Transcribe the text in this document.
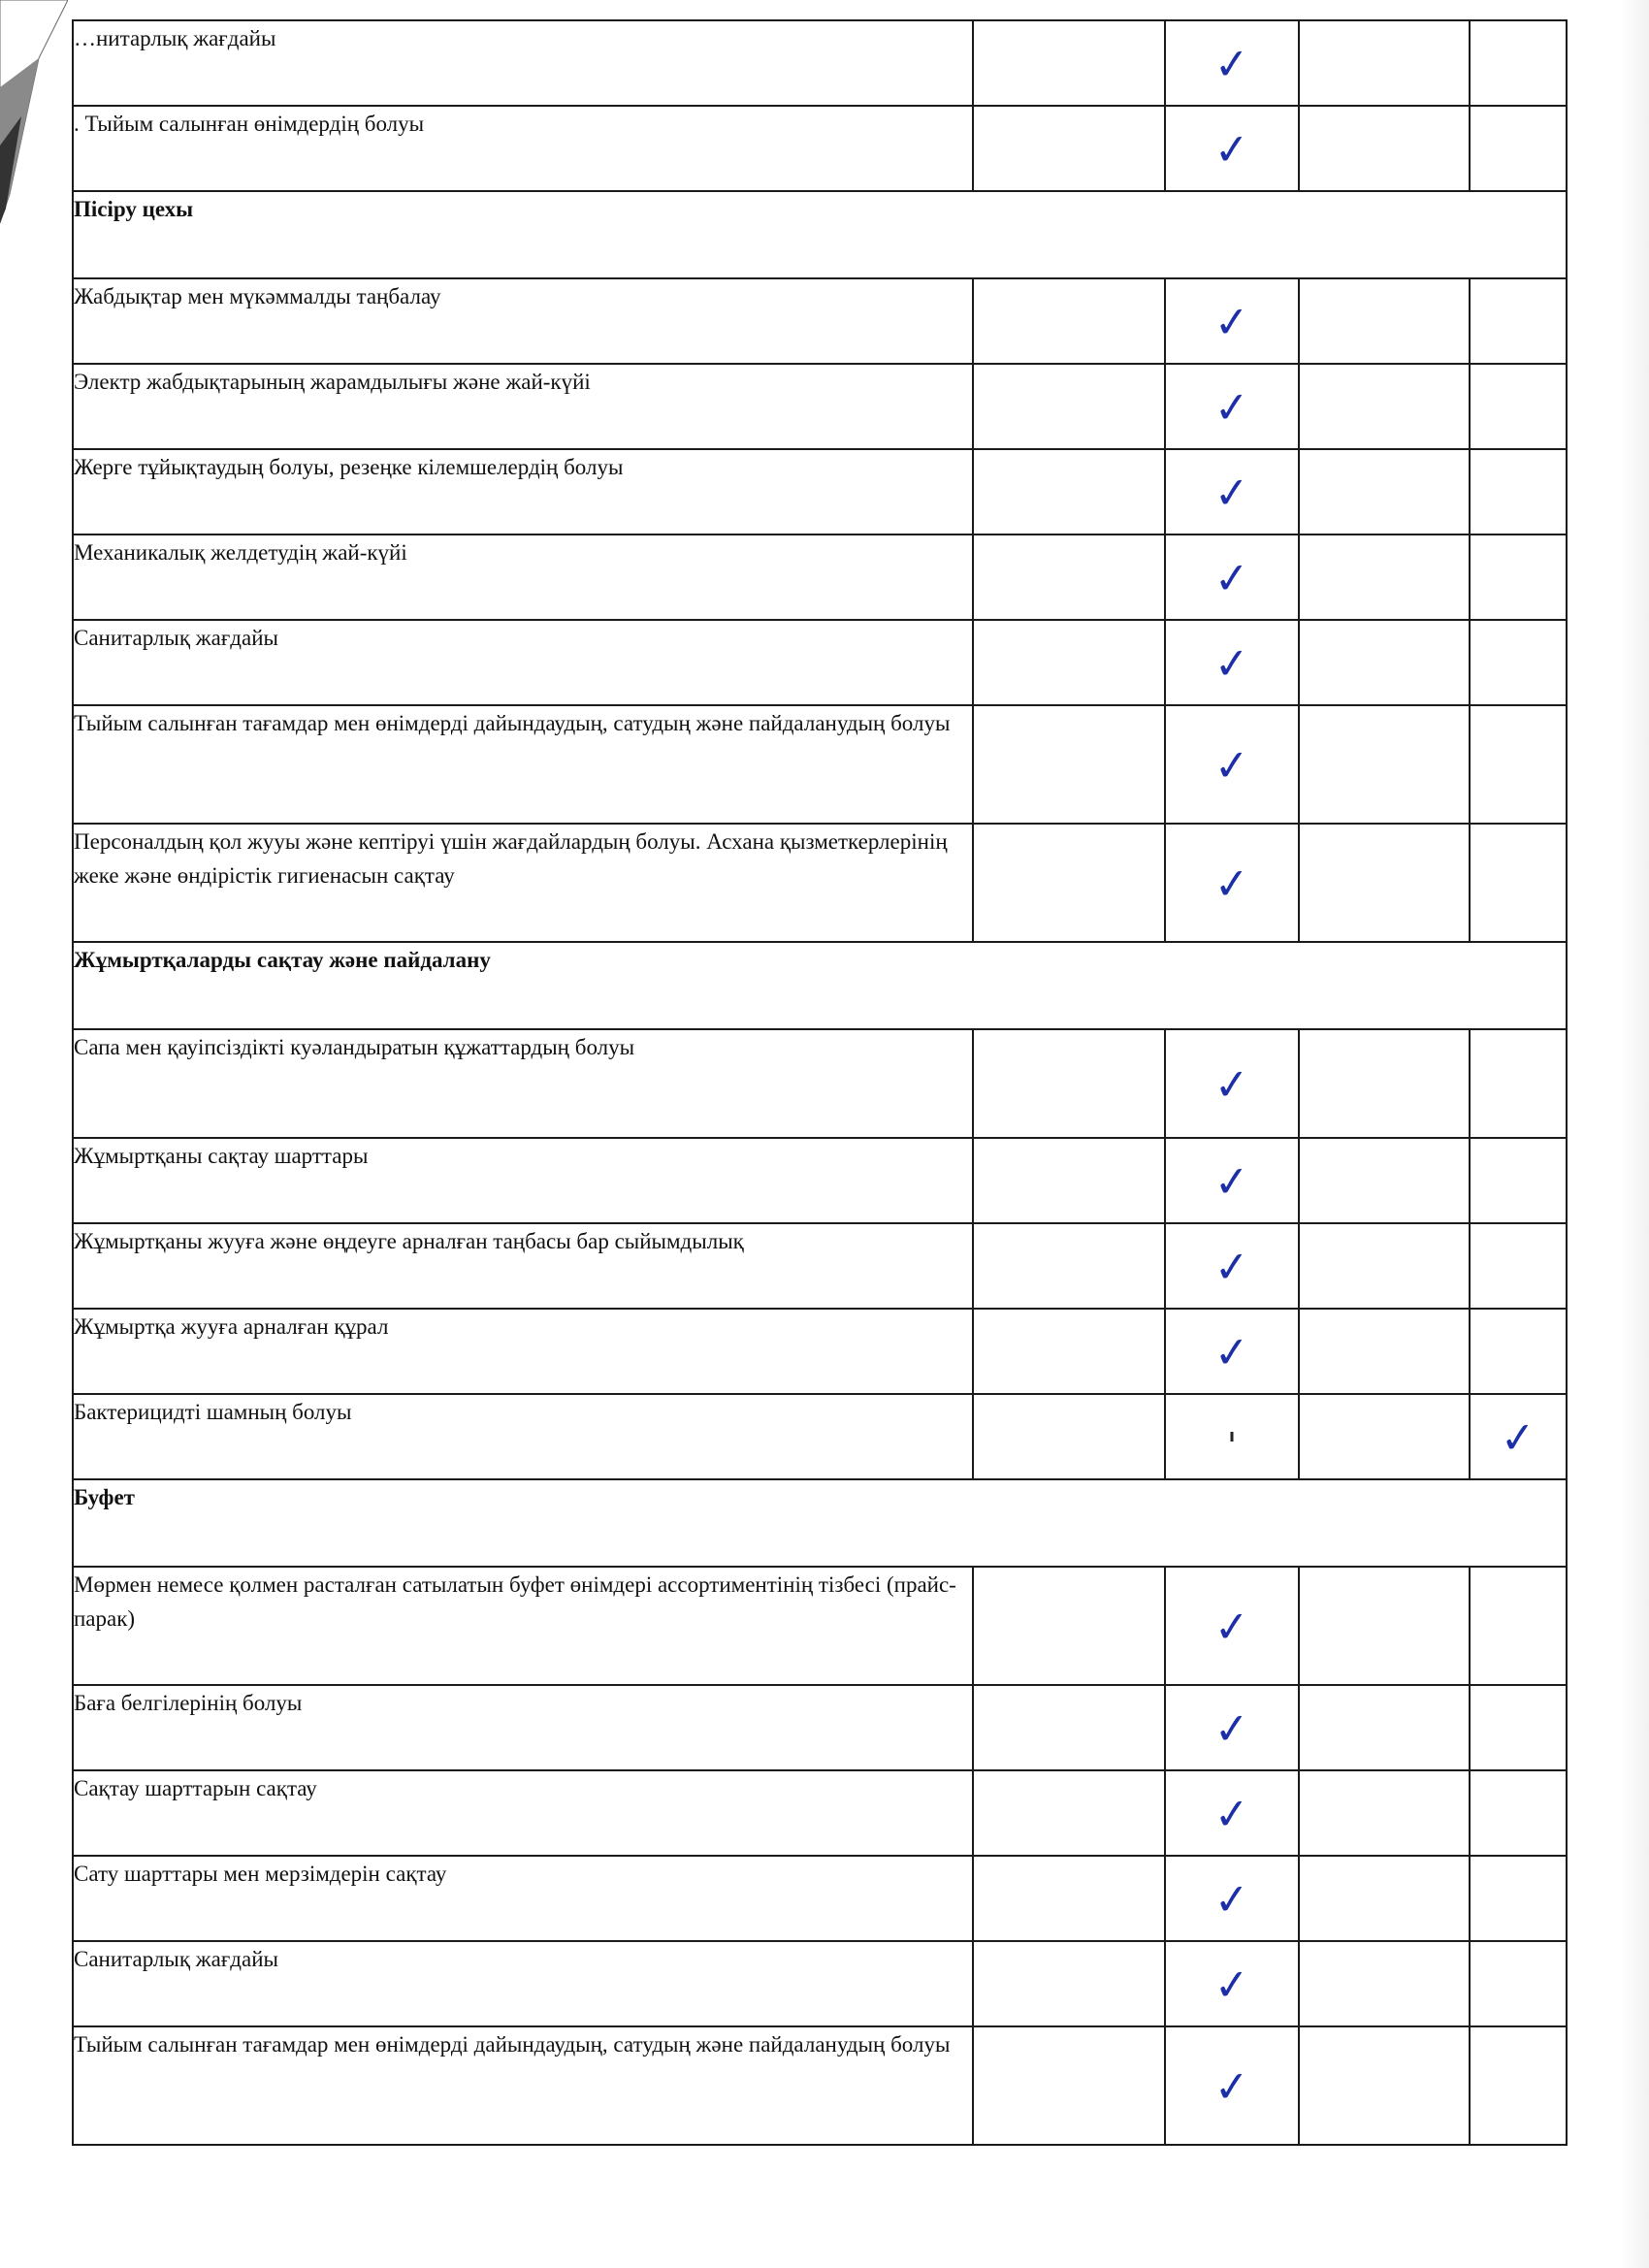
…нитарлық жағдайы		✓		

. Тыйым салынған өнімдердің болуы		✓		

Пісіру цехы				
Жабдықтар мен мүкәммалды таңбалау		✓		

Электр жабдықтарының жарамдылығы және жай-күйі		✓		

Жерге тұйықтаудың болуы, резеңке кілемшелердің болуы		✓		

Механикалық желдетудің жай-күйі		✓		

Санитарлық жағдайы		✓		

Тыйым салынған тағамдар мен өнімдерді дайындаудың, сатудың және пайдаланудың болуы		✓		

Персоналдың қол жууы және кептіруі үшін жағдайлардың болуы. Асхана қызметкерлерінің жеке және өндірістік гигиенасын сақтау		✓		

Жұмыртқаларды сақтау және пайдалану				
Сапа мен қауіпсіздікті куәландыратын құжаттардың болуы		✓		

Жұмыртқаны сақтау шарттары		✓		

Жұмыртқаны жууға және өңдеуге арналған таңбасы бар сыйымдылық		✓		

Жұмыртқа жууға арналған құрал		✓		

Бактерицидті шамның болуы				✓

Буфет				
Мөрмен немесе қолмен расталған сатылатын буфет өнімдері ассортиментінің тізбесі (прайс-парак)		✓		

Баға белгілерінің болуы		✓		

Сақтау шарттарын сақтау		✓		

Сату шарттары мен мерзімдерін сақтау		✓		

Санитарлық жағдайы		✓		

Тыйым салынған тағамдар мен өнімдерді дайындаудың, сатудың және пайдаланудың болуы		✓		
